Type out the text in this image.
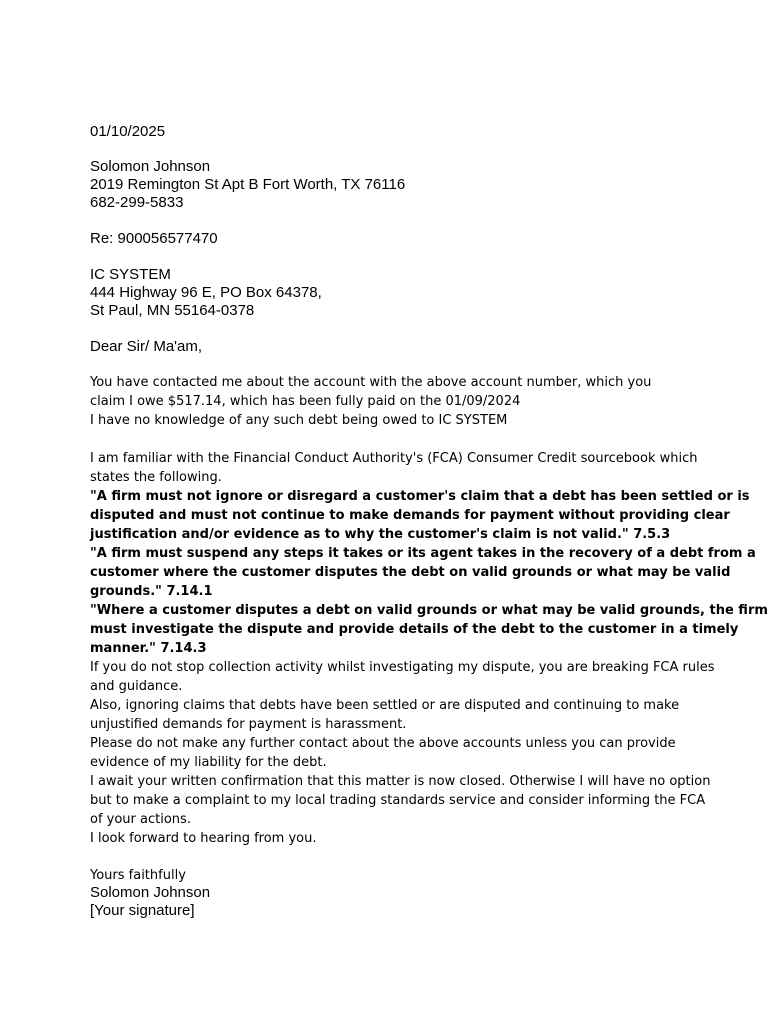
01/10/2025
Solomon Johnson
2019 Remington St Apt B Fort Worth, TX 76116
682-299-5833
Re: 900056577470
IC SYSTEM
444 Highway 96 E, PO Box 64378,
St Paul, MN 55164-0378
Dear Sir/ Ma'am,
You have contacted me about the account with the above account number, which you
claim I owe $517.14, which has been fully paid on the 01/09/2024
I have no knowledge of any such debt being owed to IC SYSTEM
I am familiar with the Financial Conduct Authority's (FCA) Consumer Credit sourcebook which
states the following.
"A firm must not ignore or disregard a customer's claim that a debt has been settled or is
disputed and must not continue to make demands for payment without providing clear
justification and/or evidence as to why the customer's claim is not valid." 7.5.3
"A firm must suspend any steps it takes or its agent takes in the recovery of a debt from a
customer where the customer disputes the debt on valid grounds or what may be valid
grounds." 7.14.1
"Where a customer disputes a debt on valid grounds or what may be valid grounds, the firm
must investigate the dispute and provide details of the debt to the customer in a timely
manner." 7.14.3
If you do not stop collection activity whilst investigating my dispute, you are breaking FCA rules
and guidance.
Also, ignoring claims that debts have been settled or are disputed and continuing to make
unjustified demands for payment is harassment.
Please do not make any further contact about the above accounts unless you can provide
evidence of my liability for the debt.
I await your written confirmation that this matter is now closed. Otherwise I will have no option
but to make a complaint to my local trading standards service and consider informing the FCA
of your actions.
I look forward to hearing from you.
Yours faithfully
Solomon Johnson
[Your signature]
